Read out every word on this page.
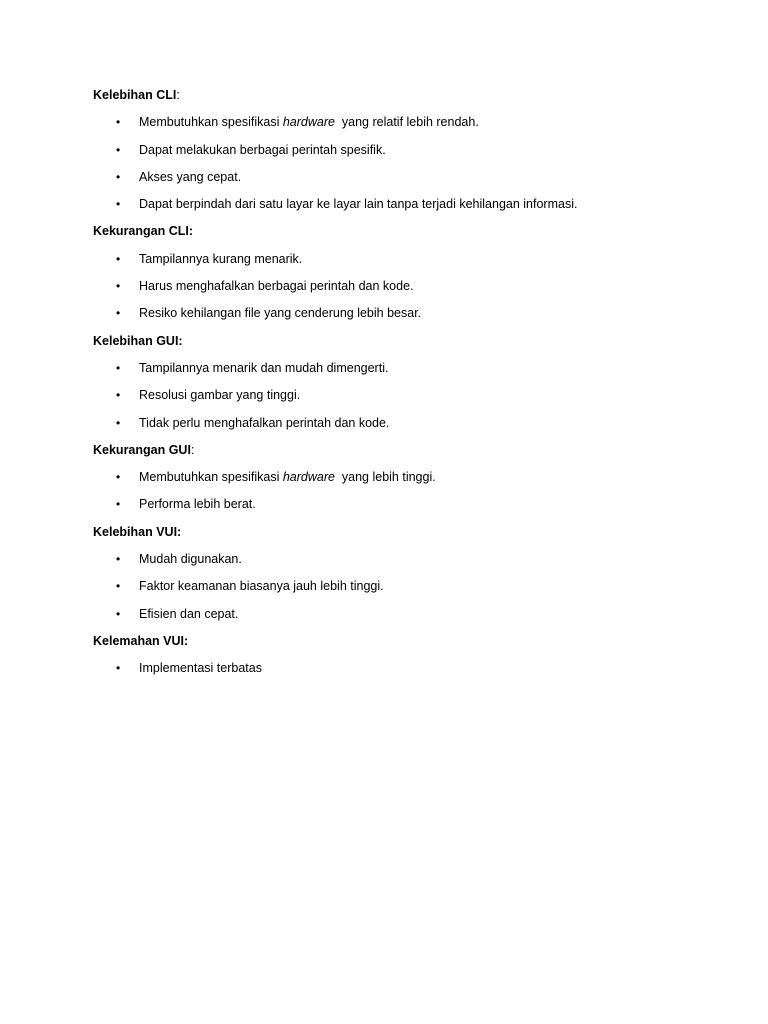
Kelebihan CLI:
• Membutuhkan spesifikasi hardware  yang relatif lebih rendah.
• Dapat melakukan berbagai perintah spesifik.
• Akses yang cepat.
• Dapat berpindah dari satu layar ke layar lain tanpa terjadi kehilangan informasi.
Kekurangan CLI:
• Tampilannya kurang menarik.
• Harus menghafalkan berbagai perintah dan kode.
• Resiko kehilangan file yang cenderung lebih besar.
Kelebihan GUI:
• Tampilannya menarik dan mudah dimengerti.
• Resolusi gambar yang tinggi.
• Tidak perlu menghafalkan perintah dan kode.
Kekurangan GUI:
• Membutuhkan spesifikasi hardware  yang lebih tinggi.
• Performa lebih berat.
Kelebihan VUI:
• Mudah digunakan.
• Faktor keamanan biasanya jauh lebih tinggi.
• Efisien dan cepat.
Kelemahan VUI:
• Implementasi terbatas
